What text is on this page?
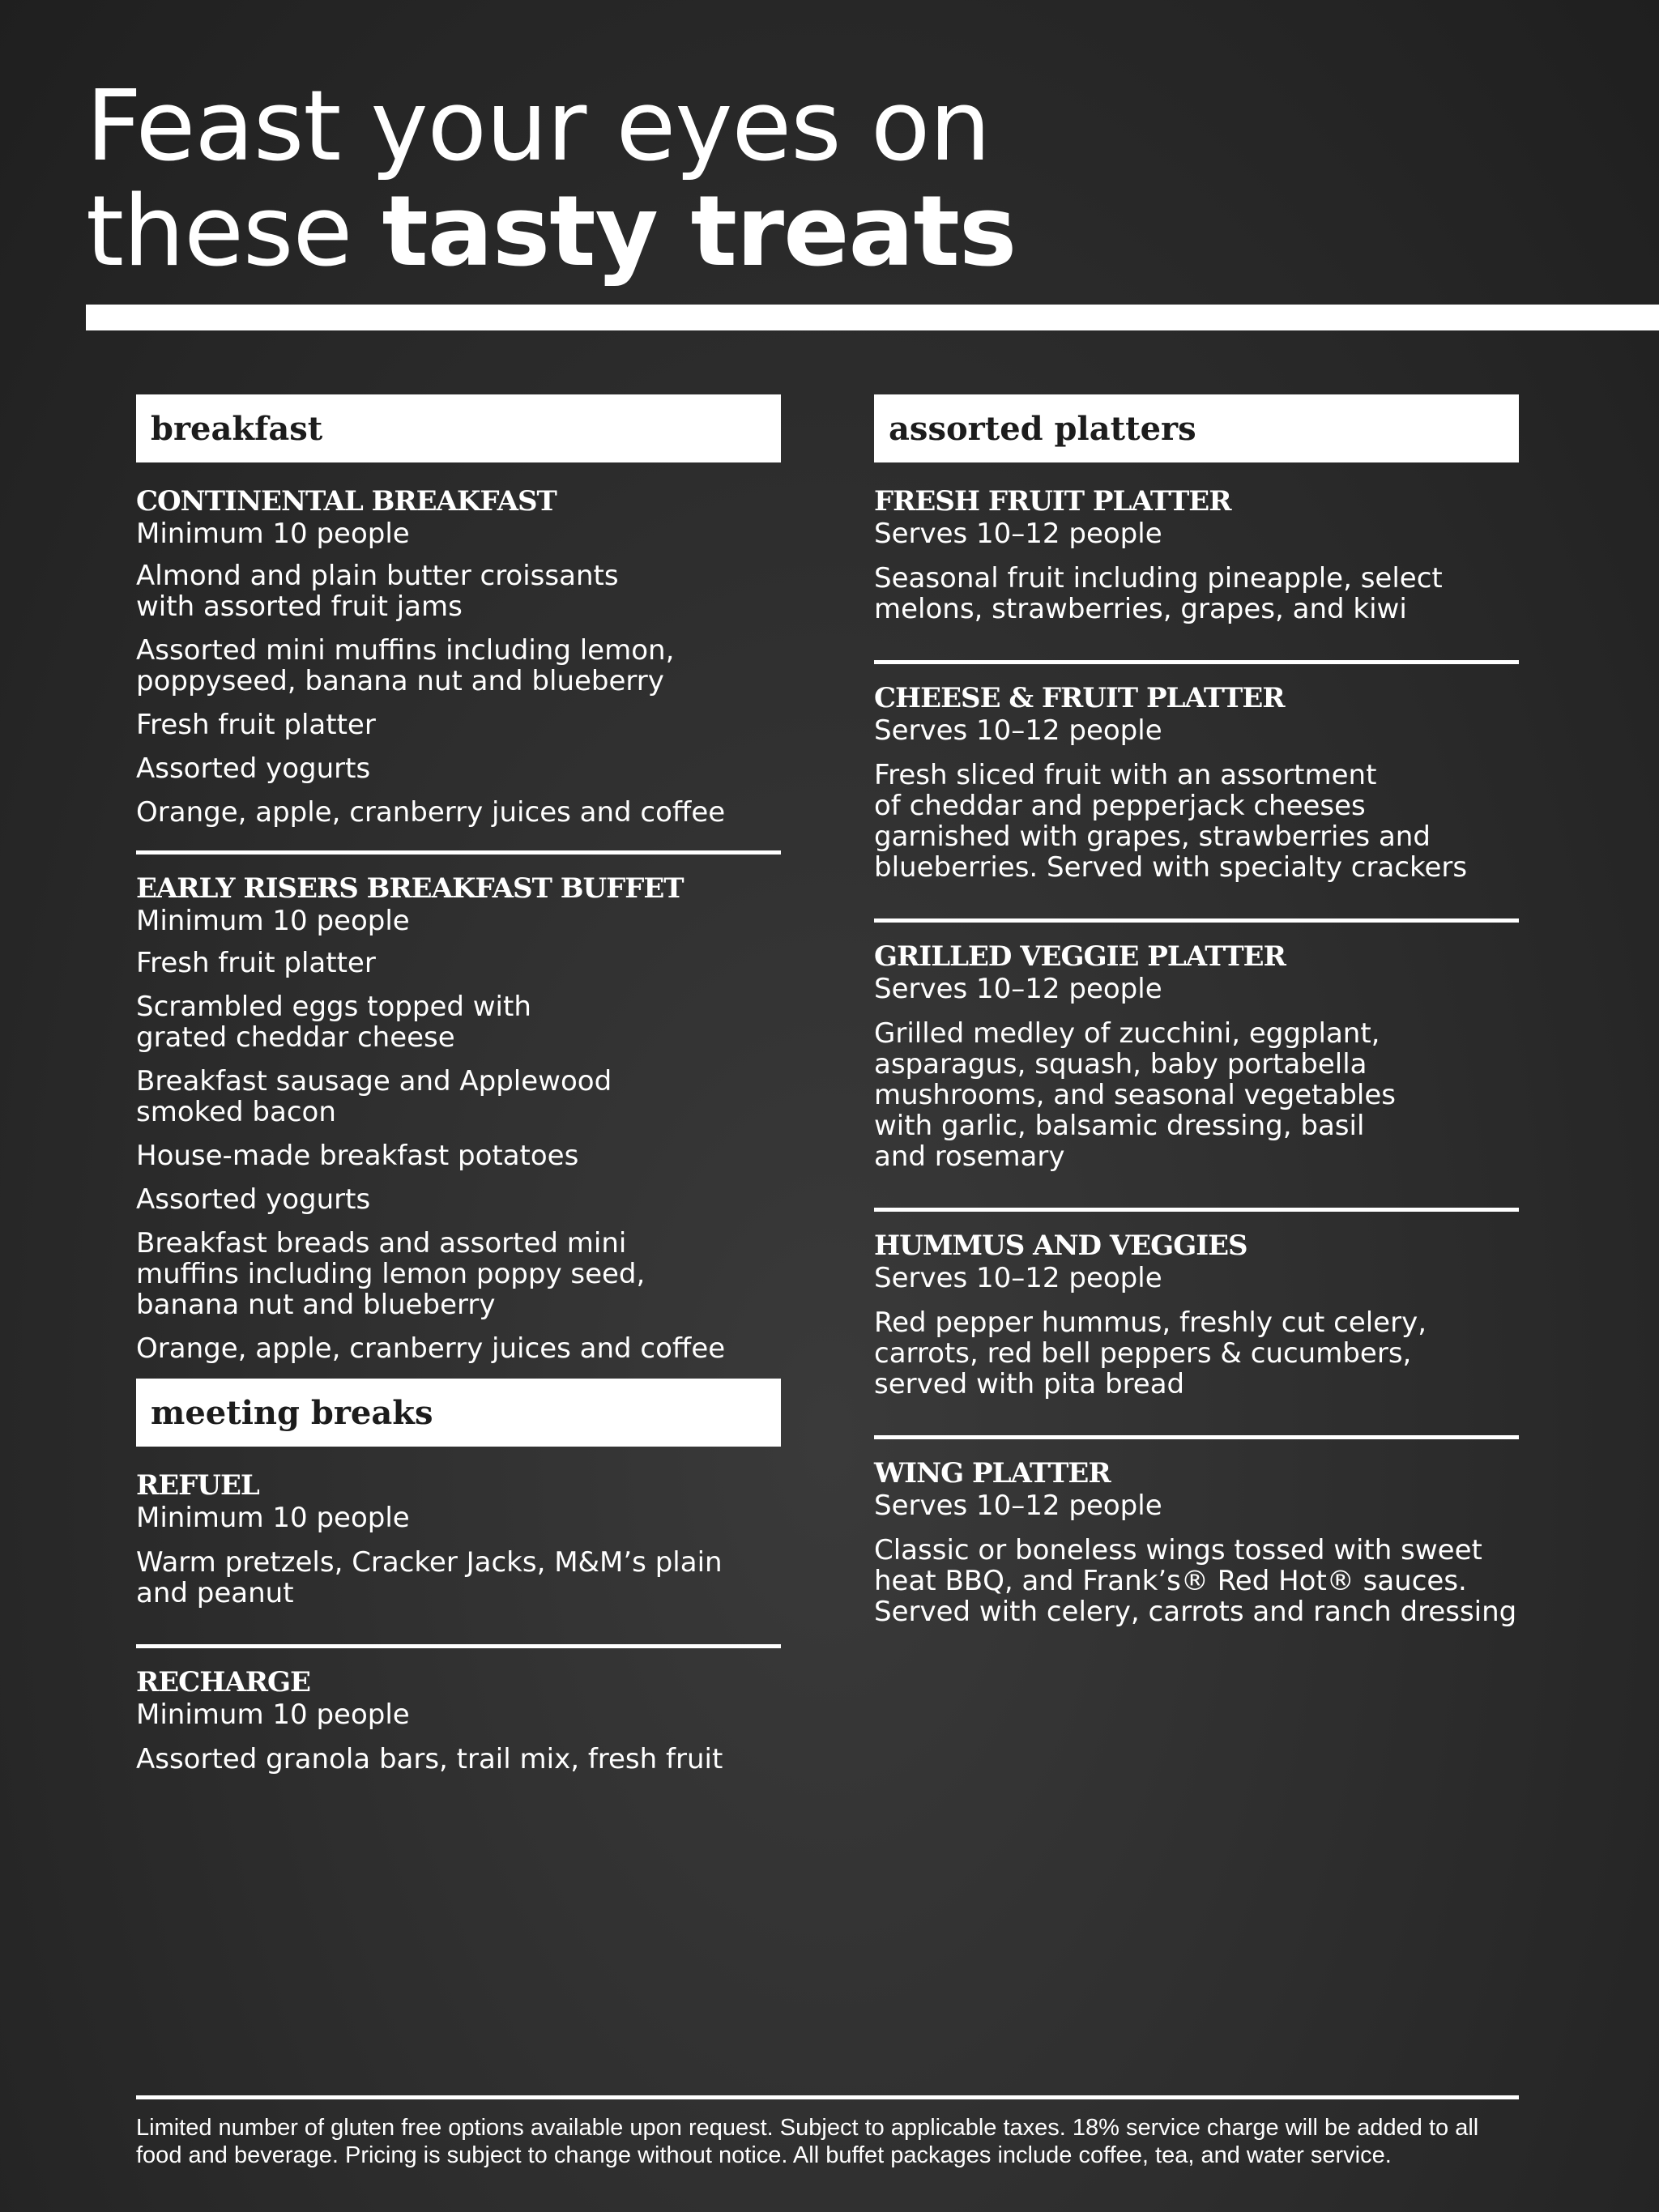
Feast your eyes on
these tasty treats
breakfast
CONTINENTAL BREAKFAST
Minimum 10 people
Almond and plain butter croissants
with assorted fruit jams
Assorted mini muffins including lemon,
poppyseed, banana nut and blueberry
Fresh fruit platter
Assorted yogurts
Orange, apple, cranberry juices and coffee
EARLY RISERS BREAKFAST BUFFET
Minimum 10 people
Fresh fruit platter
Scrambled eggs topped with
grated cheddar cheese
Breakfast sausage and Applewood
smoked bacon
House-made breakfast potatoes
Assorted yogurts
Breakfast breads and assorted mini
muffins including lemon poppy seed,
banana nut and blueberry
Orange, apple, cranberry juices and coffee
meeting breaks
REFUEL
Minimum 10 people
Warm pretzels, Cracker Jacks, M&M’s plain
and peanut
RECHARGE
Minimum 10 people
Assorted granola bars, trail mix, fresh fruit
assorted platters
FRESH FRUIT PLATTER
Serves 10–12 people
Seasonal fruit including pineapple, select
melons, strawberries, grapes, and kiwi
CHEESE & FRUIT PLATTER
Serves 10–12 people
Fresh sliced fruit with an assortment
of cheddar and pepperjack cheeses
garnished with grapes, strawberries and
blueberries. Served with specialty crackers
GRILLED VEGGIE PLATTER
Serves 10–12 people
Grilled medley of zucchini, eggplant,
asparagus, squash, baby portabella
mushrooms, and seasonal vegetables
with garlic, balsamic dressing, basil
and rosemary
HUMMUS AND VEGGIES
Serves 10–12 people
Red pepper hummus, freshly cut celery,
carrots, red bell peppers & cucumbers,
served with pita bread
WING PLATTER
Serves 10–12 people
Classic or boneless wings tossed with sweet
heat BBQ, and Frank’s® Red Hot® sauces.
Served with celery, carrots and ranch dressing
Limited number of gluten free options available upon request. Subject to applicable taxes. 18% service charge will be added to all food and beverage. Pricing is subject to change without notice. All buffet packages include coffee, tea, and water service.
